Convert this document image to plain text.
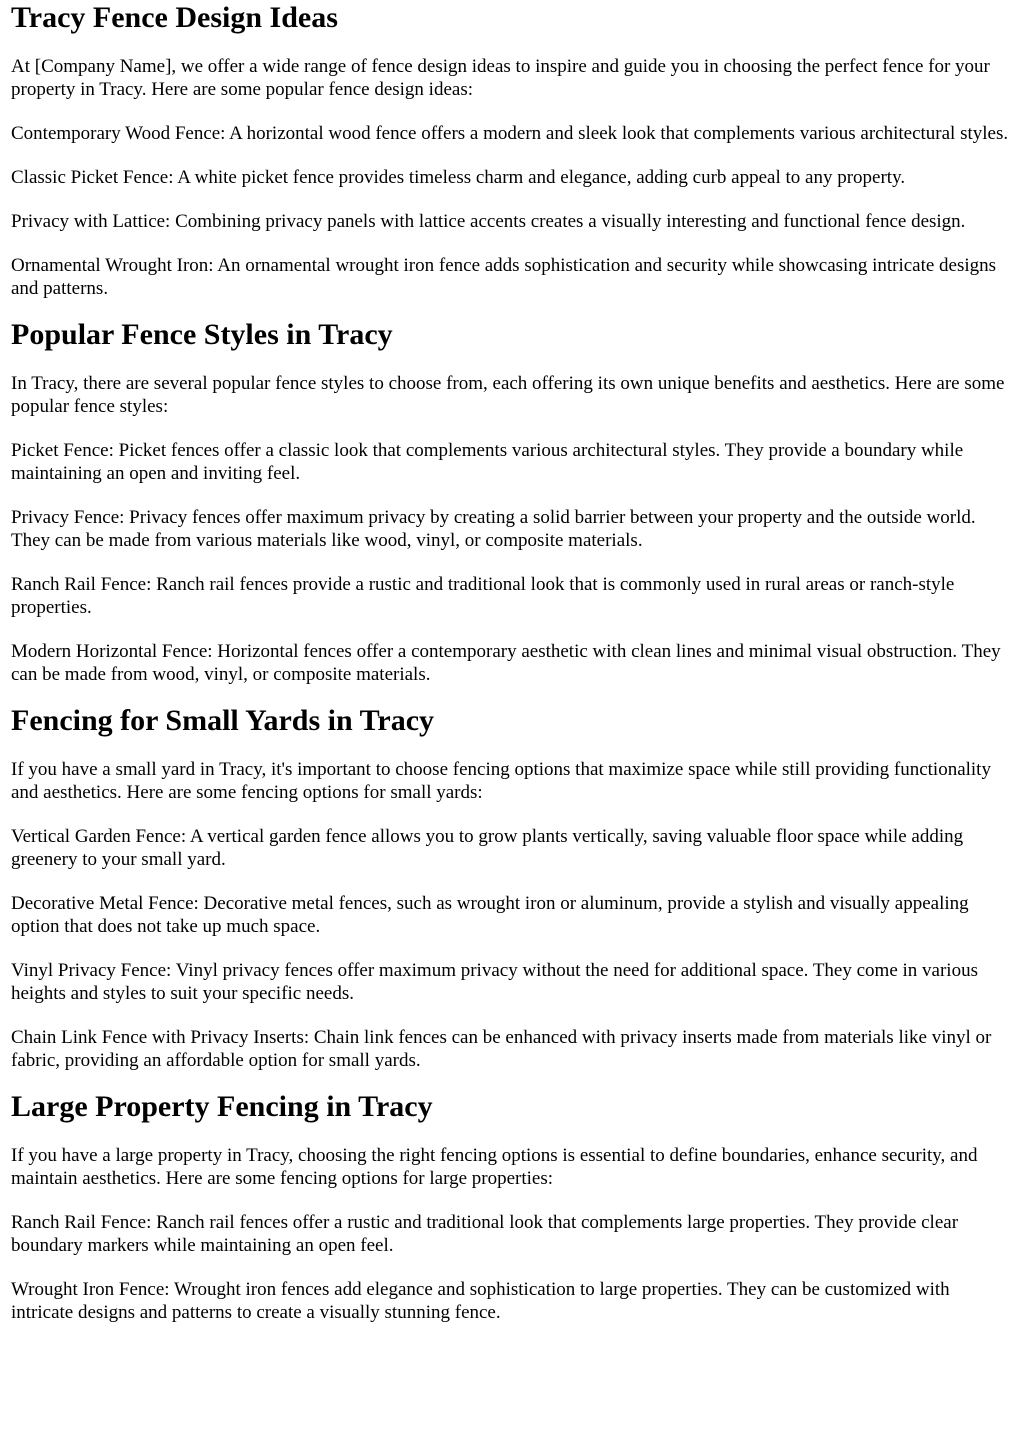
Tracy Fence Design Ideas

At [Company Name], we offer a wide range of fence design ideas to inspire and guide you in choosing the perfect fence for your property in Tracy. Here are some popular fence design ideas:

Contemporary Wood Fence: A horizontal wood fence offers a modern and sleek look that complements various architectural styles.

Classic Picket Fence: A white picket fence provides timeless charm and elegance, adding curb appeal to any property.

Privacy with Lattice: Combining privacy panels with lattice accents creates a visually interesting and functional fence design.

Ornamental Wrought Iron: An ornamental wrought iron fence adds sophistication and security while showcasing intricate designs and patterns.

Popular Fence Styles in Tracy

In Tracy, there are several popular fence styles to choose from, each offering its own unique benefits and aesthetics. Here are some popular fence styles:

Picket Fence: Picket fences offer a classic look that complements various architectural styles. They provide a boundary while maintaining an open and inviting feel.

Privacy Fence: Privacy fences offer maximum privacy by creating a solid barrier between your property and the outside world. They can be made from various materials like wood, vinyl, or composite materials.

Ranch Rail Fence: Ranch rail fences provide a rustic and traditional look that is commonly used in rural areas or ranch-style properties.

Modern Horizontal Fence: Horizontal fences offer a contemporary aesthetic with clean lines and minimal visual obstruction. They can be made from wood, vinyl, or composite materials.

Fencing for Small Yards in Tracy

If you have a small yard in Tracy, it's important to choose fencing options that maximize space while still providing functionality and aesthetics. Here are some fencing options for small yards:

Vertical Garden Fence: A vertical garden fence allows you to grow plants vertically, saving valuable floor space while adding greenery to your small yard.

Decorative Metal Fence: Decorative metal fences, such as wrought iron or aluminum, provide a stylish and visually appealing option that does not take up much space.

Vinyl Privacy Fence: Vinyl privacy fences offer maximum privacy without the need for additional space. They come in various heights and styles to suit your specific needs.

Chain Link Fence with Privacy Inserts: Chain link fences can be enhanced with privacy inserts made from materials like vinyl or fabric, providing an affordable option for small yards.

Large Property Fencing in Tracy

If you have a large property in Tracy, choosing the right fencing options is essential to define boundaries, enhance security, and maintain aesthetics. Here are some fencing options for large properties:

Ranch Rail Fence: Ranch rail fences offer a rustic and traditional look that complements large properties. They provide clear boundary markers while maintaining an open feel.

Wrought Iron Fence: Wrought iron fences add elegance and sophistication to large properties. They can be customized with intricate designs and patterns to create a visually stunning fence.
